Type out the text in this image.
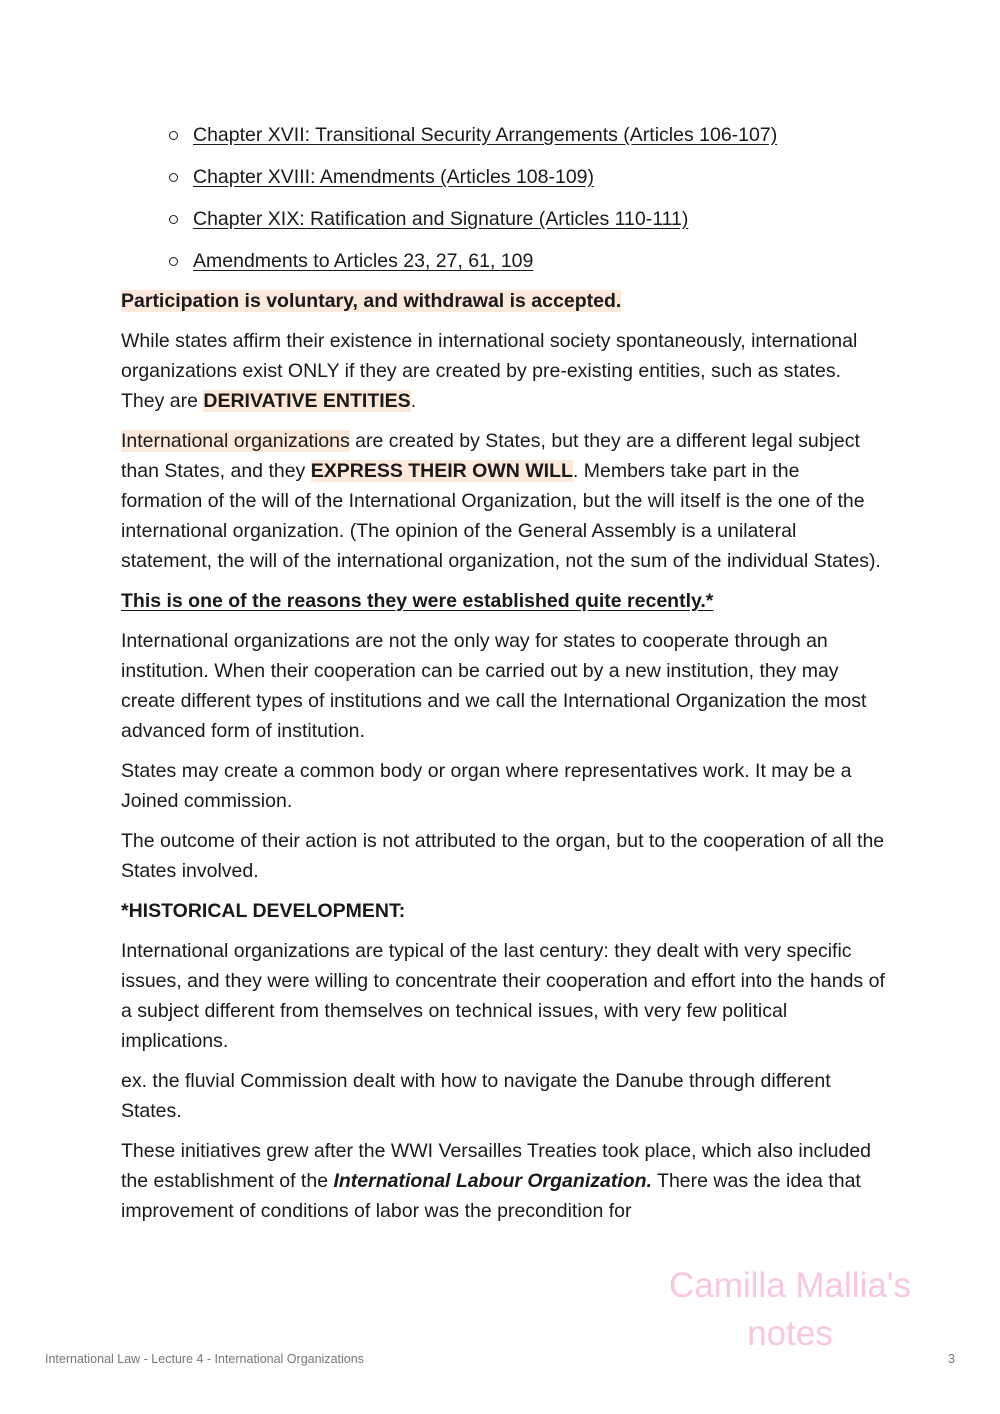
Chapter XVII: Transitional Security Arrangements (Articles 106-107)
Chapter XVIII: Amendments (Articles 108-109)
Chapter XIX: Ratification and Signature (Articles 110-111)
Amendments to Articles 23, 27, 61, 109

Participation is voluntary, and withdrawal is accepted.

While states affirm their existence in international society spontaneously, international organizations exist ONLY if they are created by pre-existing entities, such as states. They are DERIVATIVE ENTITIES.

International organizations are created by States, but they are a different legal subject than States, and they EXPRESS THEIR OWN WILL. Members take part in the formation of the will of the International Organization, but the will itself is the one of the international organization. (The opinion of the General Assembly is a unilateral statement, the will of the international organization, not the sum of the individual States).

This is one of the reasons they were established quite recently.*

International organizations are not the only way for states to cooperate through an institution. When their cooperation can be carried out by a new institution, they may create different types of institutions and we call the International Organization the most advanced form of institution.

States may create a common body or organ where representatives work. It may be a Joined commission.

The outcome of their action is not attributed to the organ, but to the cooperation of all the States involved.

*HISTORICAL DEVELOPMENT:

International organizations are typical of the last century: they dealt with very specific issues, and they were willing to concentrate their cooperation and effort into the hands of a subject different from themselves on technical issues, with very few political implications.

ex. the fluvial Commission dealt with how to navigate the Danube through different States.

These initiatives grew after the WWI Versailles Treaties took place, which also included the establishment of the International Labour Organization. There was the idea that improvement of conditions of labor was the precondition for

Camilla Mallia's notes
International Law - Lecture 4 - International Organizations	3
